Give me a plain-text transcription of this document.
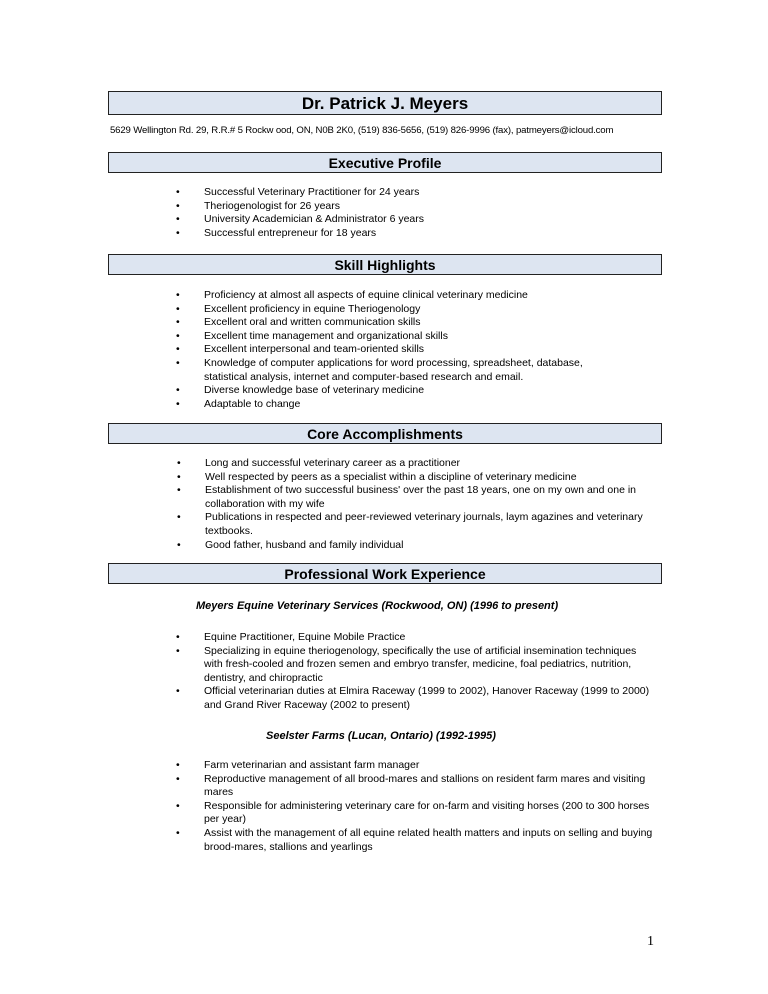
Dr. Patrick J. Meyers
5629 Wellington Rd. 29, R.R.# 5 Rockw ood, ON, N0B 2K0, (519) 836-5656, (519) 826-9996 (fax), patmeyers@icloud.com
Executive Profile
• Successful Veterinary Practitioner for 24 years
• Theriogenologist for 26 years
• University Academician & Administrator 6 years
• Successful entrepreneur for 18 years
Skill Highlights
• Proficiency at almost all aspects of equine clinical veterinary medicine
• Excellent proficiency in equine Theriogenology
• Excellent oral and written communication skills
• Excellent time management and organizational skills
• Excellent interpersonal and team-oriented skills
• Knowledge of computer applications for word processing, spreadsheet, database, statistical analysis, internet and computer-based research and email.
• Diverse knowledge base of veterinary medicine
• Adaptable to change
Core Accomplishments
• Long and successful veterinary career as a practitioner
• Well respected by peers as a specialist within a discipline of veterinary medicine
• Establishment of two successful business' over the past 18 years, one on my own and one in collaboration with my wife
• Publications in respected and peer-reviewed veterinary journals, laym agazines and veterinary textbooks.
• Good father, husband and family individual
Professional Work Experience
Meyers Equine Veterinary Services (Rockwood, ON) (1996 to present)
• Equine Practitioner, Equine Mobile Practice
• Specializing in equine theriogenology, specifically the use of artificial insemination techniques with fresh-cooled and frozen semen and embryo transfer, medicine, foal pediatrics, nutrition, dentistry, and chiropractic
• Official veterinarian duties at Elmira Raceway (1999 to 2002), Hanover Raceway (1999 to 2000) and Grand River Raceway (2002 to present)
Seelster Farms (Lucan, Ontario) (1992-1995)
• Farm veterinarian and assistant farm manager
• Reproductive management of all brood-mares and stallions on resident farm mares and visiting mares
• Responsible for administering veterinary care for on-farm and visiting horses (200 to 300 horses per year)
• Assist with the management of all equine related health matters and inputs on selling and buying brood-mares, stallions and yearlings
1
